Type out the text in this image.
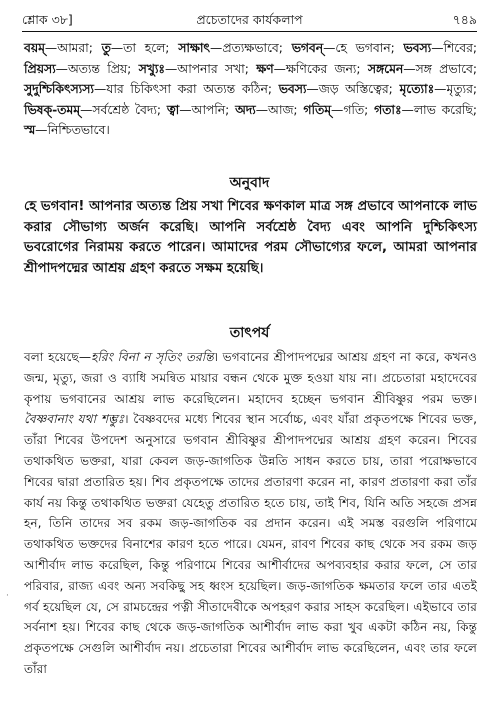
শ্লোক ৩৮]	প্রচেতাদের কার্যকলাপ	৭৪৯
বয়ম্—আমরা; তু—তা হলে; সাক্ষাৎ—প্রত্যক্ষভাবে; ভগবন্—হে ভগবান; ভবস্য—শিবের; প্রিয়স্য—অত্যন্ত প্রিয়; সখ্যুঃ—আপনার সখা; ক্ষণ—ক্ষণিকের জন্য; সঙ্গমেন—সঙ্গ প্রভাবে; সুদুশ্চিকিৎস্যস্য—যার চিকিৎসা করা অত্যন্ত কঠিন; ভবস্য—জড় অস্তিত্বের; মৃত্যোঃ—মৃত্যুর; ভিষক্-তমম্—সর্বশ্রেষ্ঠ বৈদ্য; ত্বা—আপনি; অদ্য—আজ; গতিম্—গতি; গতাঃ—লাভ করেছি; স্ম—নিশ্চিতভাবে।
অনুবাদ
হে ভগবান! আপনার অত্যন্ত প্রিয় সখা শিবের ক্ষণকাল মাত্র সঙ্গ প্রভাবে আপনাকে লাভ করার সৌভাগ্য অর্জন করেছি। আপনি সর্বশ্রেষ্ঠ বৈদ্য এবং আপনি দুশ্চিকিৎস্য ভবরোগের নিরাময় করতে পারেন। আমাদের পরম সৌভাগ্যের ফলে, আমরা আপনার শ্রীপাদপদ্মের আশ্রয় গ্রহণ করতে সক্ষম হয়েছি।
তাৎপর্য
বলা হয়েছে—হরিং বিনা ন সৃতিং তরন্তি। ভগবানের শ্রীপাদপদ্মের আশ্রয় গ্রহণ না করে, কখনও জন্ম, মৃত্যু, জরা ও ব্যাধি সমন্বিত মায়ার বন্ধন থেকে মুক্ত হওয়া যায় না। প্রচেতারা মহাদেবের কৃপায় ভগবানের আশ্রয় লাভ করেছিলেন। মহাদেব হচ্ছেন ভগবান শ্রীবিষ্ণুর পরম ভক্ত। বৈষ্ণবানাং যথা শম্ভুঃ। বৈষ্ণবদের মধ্যে শিবের স্থান সর্বোচ্চ, এবং যাঁরা প্রকৃতপক্ষে শিবের ভক্ত, তাঁরা শিবের উপদেশ অনুসারে ভগবান শ্রীবিষ্ণুর শ্রীপাদপদ্মের আশ্রয় গ্রহণ করেন। শিবের তথাকথিত ভক্তরা, যারা কেবল জড়-জাগতিক উন্নতি সাধন করতে চায়, তারা পরোক্ষভাবে শিবের দ্বারা প্রতারিত হয়। শিব প্রকৃতপক্ষে তাদের প্রতারণা করেন না, কারণ প্রতারণা করা তাঁর কার্য নয় কিন্তু তথাকথিত ভক্তরা যেহেতু প্রতারিত হতে চায়, তাই শিব, যিনি অতি সহজে প্রসন্ন হন, তিনি তাদের সব রকম জড়-জাগতিক বর প্রদান করেন। এই সমস্ত বরগুলি পরিণামে তথাকথিত ভক্তদের বিনাশের কারণ হতে পারে। যেমন, রাবণ শিবের কাছ থেকে সব রকম জড় আশীর্বাদ লাভ করেছিল, কিন্তু পরিণামে শিবের আশীর্বাদের অপব্যবহার করার ফলে, সে তার পরিবার, রাজ্য এবং অন্য সবকিছু সহ ধ্বংস হয়েছিল। জড়-জাগতিক ক্ষমতার ফলে তার এতই গর্ব হয়েছিল যে, সে রামচন্দ্রের পত্নী সীতাদেবীকে অপহরণ করার সাহস করেছিল। এইভাবে তার সর্বনাশ হয়। শিবের কাছ থেকে জড়-জাগতিক আশীর্বাদ লাভ করা খুব একটা কঠিন নয়, কিন্তু প্রকৃতপক্ষে সেগুলি আশীর্বাদ নয়। প্রচেতারা শিবের আশীর্বাদ লাভ করেছিলেন, এবং তার ফলে তাঁরা
·
